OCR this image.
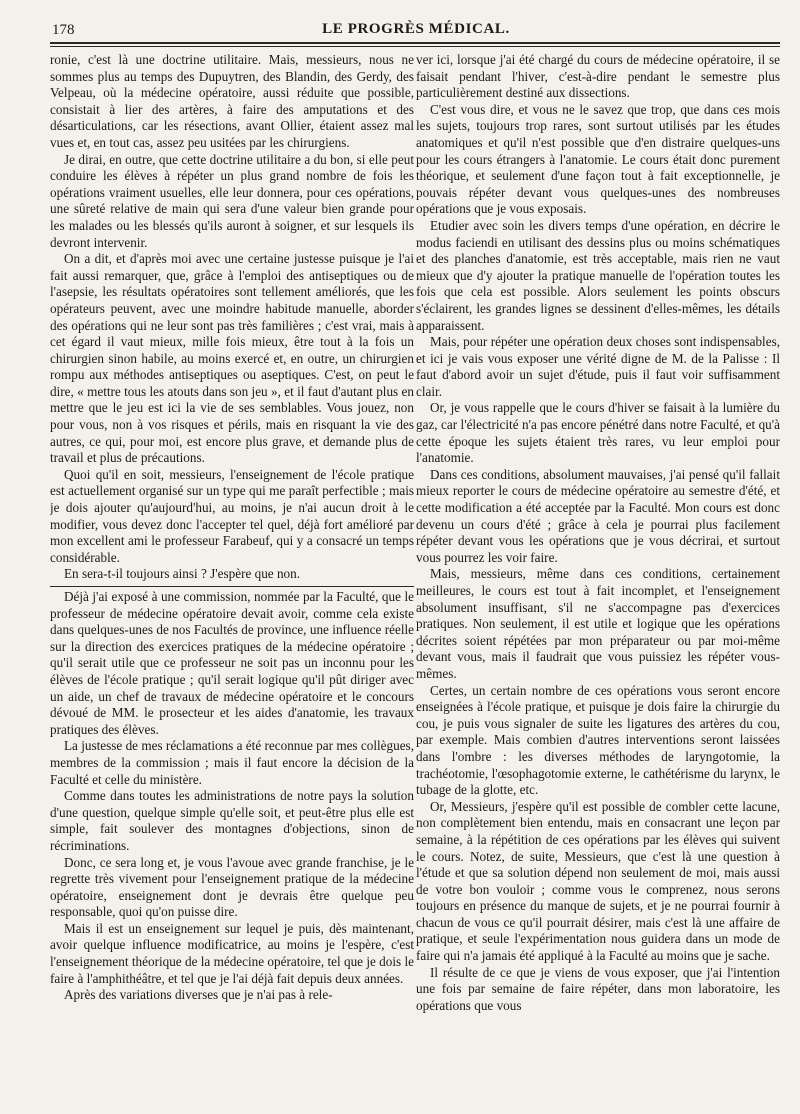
178	LE PROGRÈS MÉDICAL.

ronie, c'est là une doctrine utilitaire. Mais, messieurs, nous ne sommes plus au temps des Dupuytren, des Blandin, des Gerdy, des Velpeau, où la médecine opératoire, aussi réduite que possible, consistait à lier des artères, à faire des amputations et des désarticulations, car les résections, avant Ollier, étaient assez mal vues et, en tout cas, assez peu usitées par les chirurgiens.

Je dirai, en outre, que cette doctrine utilitaire a du bon, si elle peut conduire les élèves à répéter un plus grand nombre de fois les opérations vraiment usuelles, elle leur donnera, pour ces opérations, une sûreté relative de main qui sera d'une valeur bien grande pour les malades ou les blessés qu'ils auront à soigner, et sur lesquels ils devront intervenir.

On a dit, et d'après moi avec une certaine justesse puisque je l'ai fait aussi remarquer, que, grâce à l'emploi des antiseptiques ou de l'asepsie, les résultats opératoires sont tellement améliorés, que les opérateurs peuvent, avec une moindre habitude manuelle, aborder des opérations qui ne leur sont pas très familières ; c'est vrai, mais à cet égard il vaut mieux, mille fois mieux, être tout à la fois un chirurgien sinon habile, au moins exercé et, en outre, un chirurgien rompu aux méthodes antiseptiques ou aseptiques. C'est, on peut le dire, « mettre tous les atouts dans son jeu », et il faut d'autant plus en mettre que le jeu est ici la vie de ses semblables. Vous jouez, non pour vous, non à vos risques et périls, mais en risquant la vie des autres, ce qui, pour moi, est encore plus grave, et demande plus de travail et plus de précautions.

Quoi qu'il en soit, messieurs, l'enseignement de l'école pratique est actuellement organisé sur un type qui me paraît perfectible ; mais je dois ajouter qu'aujourd'hui, au moins, je n'ai aucun droit à le modifier, vous devez donc l'accepter tel quel, déjà fort amélioré par mon excellent ami le professeur Farabeuf, qui y a consacré un temps considérable.

En sera-t-il toujours ainsi ? J'espère que non.

Déjà j'ai exposé à une commission, nommée par la Faculté, que le professeur de médecine opératoire devait avoir, comme cela existe dans quelques-unes de nos Facultés de province, une influence réelle sur la direction des exercices pratiques de la médecine opératoire ; qu'il serait utile que ce professeur ne soit pas un inconnu pour les élèves de l'école pratique ; qu'il serait logique qu'il pût diriger avec un aide, un chef de travaux de médecine opératoire et le concours dévoué de MM. le prosecteur et les aides d'anatomie, les travaux pratiques des élèves.

La justesse de mes réclamations a été reconnue par mes collègues, membres de la commission ; mais il faut encore la décision de la Faculté et celle du ministère.

Comme dans toutes les administrations de notre pays la solution d'une question, quelque simple qu'elle soit, et peut-être plus elle est simple, fait soulever des montagnes d'objections, sinon de récriminations.

Donc, ce sera long et, je vous l'avoue avec grande franchise, je le regrette très vivement pour l'enseignement pratique de la médecine opératoire, enseignement dont je devrais être quelque peu responsable, quoi qu'on puisse dire.

Mais il est un enseignement sur lequel je puis, dès maintenant, avoir quelque influence modificatrice, au moins je l'espère, c'est l'enseignement théorique de la médecine opératoire, tel que je dois le faire à l'amphithéâtre, et tel que je l'ai déjà fait depuis deux années.

Après des variations diverses que je n'ai pas à rele-

ver ici, lorsque j'ai été chargé du cours de médecine opératoire, il se faisait pendant l'hiver, c'est-à-dire pendant le semestre plus particulièrement destiné aux dissections.

C'est vous dire, et vous ne le savez que trop, que dans ces mois les sujets, toujours trop rares, sont surtout utilisés par les études anatomiques et qu'il n'est possible que d'en distraire quelques-uns pour les cours étrangers à l'anatomie. Le cours était donc purement théorique, et seulement d'une façon tout à fait exceptionnelle, je pouvais répéter devant vous quelques-unes des nombreuses opérations que je vous exposais.

Etudier avec soin les divers temps d'une opération, en décrire le modus faciendi en utilisant des dessins plus ou moins schématiques et des planches d'anatomie, est très acceptable, mais rien ne vaut mieux que d'y ajouter la pratique manuelle de l'opération toutes les fois que cela est possible. Alors seulement les points obscurs s'éclairent, les grandes lignes se dessinent d'elles-mêmes, les détails apparaissent.

Mais, pour répéter une opération deux choses sont indispensables, et ici je vais vous exposer une vérité digne de M. de la Palisse : Il faut d'abord avoir un sujet d'étude, puis il faut voir suffisamment clair.

Or, je vous rappelle que le cours d'hiver se faisait à la lumière du gaz, car l'électricité n'a pas encore pénétré dans notre Faculté, et qu'à cette époque les sujets étaient très rares, vu leur emploi pour l'anatomie.

Dans ces conditions, absolument mauvaises, j'ai pensé qu'il fallait mieux reporter le cours de médecine opératoire au semestre d'été, et cette modification a été acceptée par la Faculté. Mon cours est donc devenu un cours d'été ; grâce à cela je pourrai plus facilement répéter devant vous les opérations que je vous décrirai, et surtout vous pourrez les voir faire.

Mais, messieurs, même dans ces conditions, certainement meilleures, le cours est tout à fait incomplet, et l'enseignement absolument insuffisant, s'il ne s'accompagne pas d'exercices pratiques. Non seulement, il est utile et logique que les opérations décrites soient répétées par mon préparateur ou par moi-même devant vous, mais il faudrait que vous puissiez les répéter vous-mêmes.

Certes, un certain nombre de ces opérations vous seront encore enseignées à l'école pratique, et puisque je dois faire la chirurgie du cou, je puis vous signaler de suite les ligatures des artères du cou, par exemple. Mais combien d'autres interventions seront laissées dans l'ombre : les diverses méthodes de laryngotomie, la trachéotomie, l'œsophagotomie externe, le cathétérisme du larynx, le tubage de la glotte, etc.

Or, Messieurs, j'espère qu'il est possible de combler cette lacune, non complètement bien entendu, mais en consacrant une leçon par semaine, à la répétition de ces opérations par les élèves qui suivent le cours. Notez, de suite, Messieurs, que c'est là une question à l'étude et que sa solution dépend non seulement de moi, mais aussi de votre bon vouloir ; comme vous le comprenez, nous serons toujours en présence du manque de sujets, et je ne pourrai fournir à chacun de vous ce qu'il pourrait désirer, mais c'est là une affaire de pratique, et seule l'expérimentation nous guidera dans un mode de faire qui n'a jamais été appliqué à la Faculté au moins que je sache.

Il résulte de ce que je viens de vous exposer, que j'ai l'intention une fois par semaine de faire répéter, dans mon laboratoire, les opérations que vous
